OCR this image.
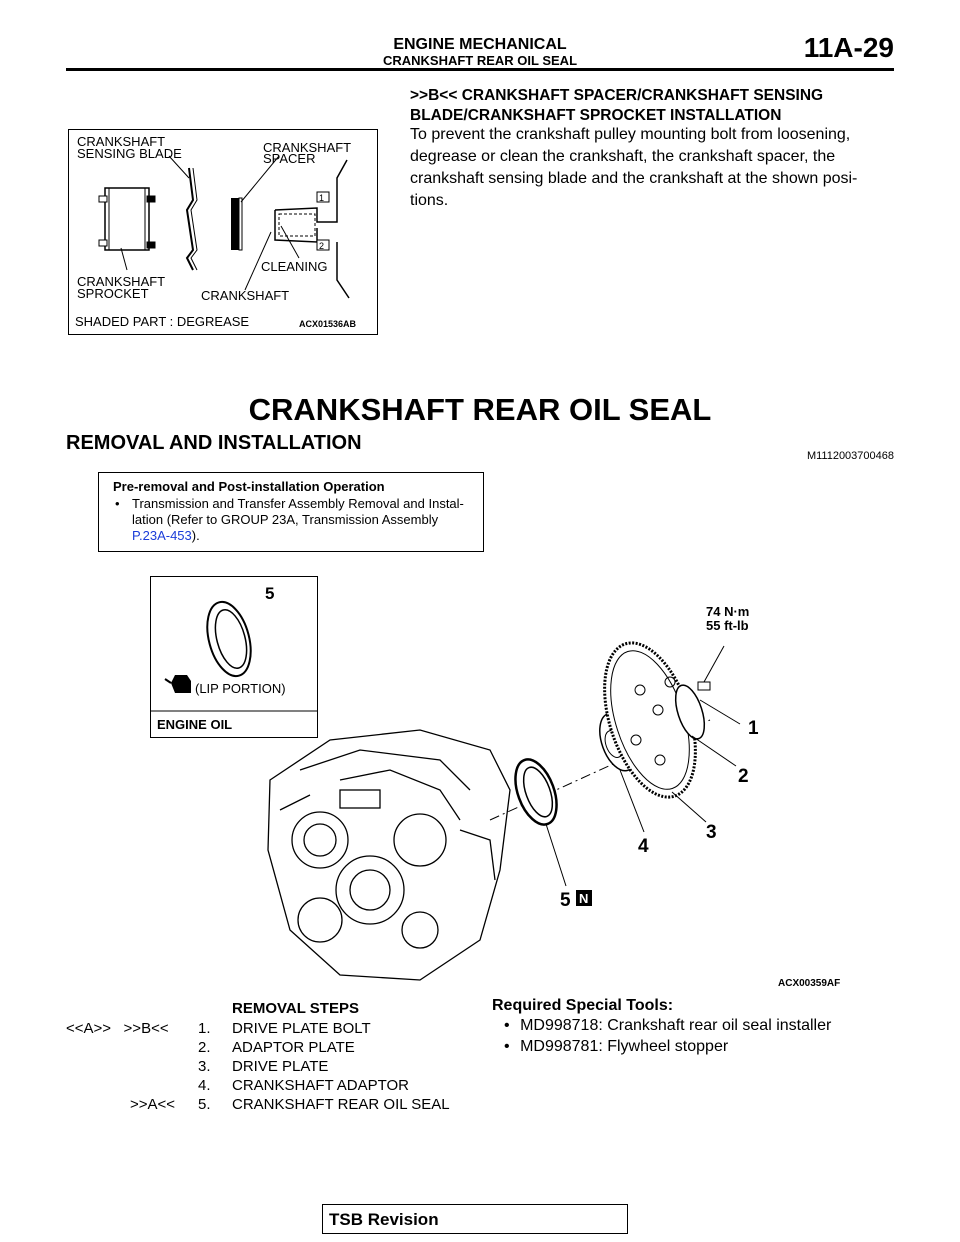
ENGINE MECHANICAL
CRANKSHAFT REAR OIL SEAL	11A-29
1
2
CRANKSHAFT
SENSING BLADE	CRANKSHAFT
SPACER
CLEANING
CRANKSHAFT
SPROCKET	CRANKSHAFT
SHADED PART : DEGREASE	ACX01536AB
>>B<< CRANKSHAFT SPACER/CRANKSHAFT SENSING
BLADE/CRANKSHAFT SPROCKET INSTALLATION
To prevent the crankshaft pulley mounting bolt from loosening,
degrease or clean the crankshaft, the crankshaft spacer, the
crankshaft sensing blade and the crankshaft at the shown posi-
tions.
CRANKSHAFT REAR OIL SEAL
REMOVAL AND INSTALLATION
M1112003700468
Pre-removal and Post-installation Operation
• Transmission and Transfer Assembly Removal and Instal-lation (Refer to GROUP 23A, Transmission Assembly
P.23A-453).
5
(LIP PORTION)
ENGINE OIL
74 N·m
55 ft-lb
1
2
3
4
5 N
ACX00359AF
REMOVAL STEPS
<<A>>   >>B<< 1. DRIVE PLATE BOLT
2. ADAPTOR PLATE
3. DRIVE PLATE
4. CRANKSHAFT ADAPTOR
>>A<< 5. CRANKSHAFT REAR OIL SEAL
Required Special Tools:
• MD998718: Crankshaft rear oil seal installer
• MD998781: Flywheel stopper
TSB Revision
